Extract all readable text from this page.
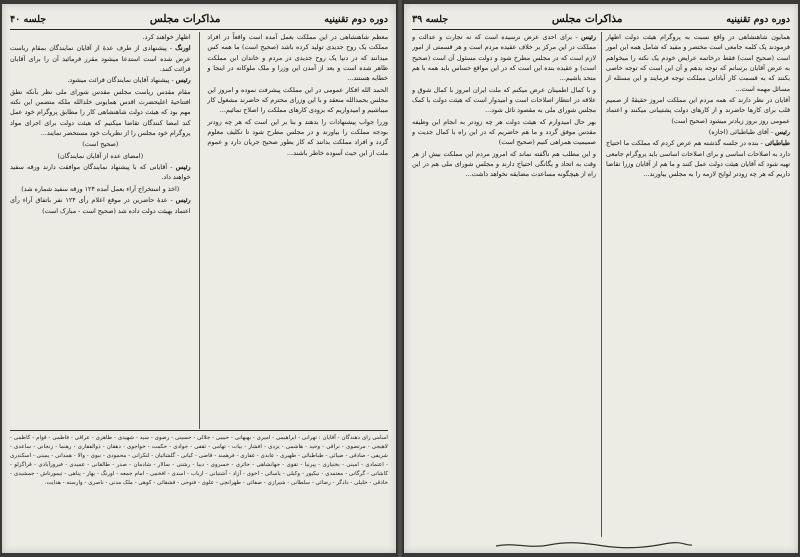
دوره دوم تقنینیه
مذاکرات مجلس
جلسه ۴۰

معظم شاهنشاهی در این مملکت بعمل آمده است واقعاً در افراد مملکت یک روح جدیدی تولید کرده باشد (صحیح است) ما همه کس میدانند که در دنیا یک روح جدیدی در مردم و خاندان این مملکت ظاهر شده است و بعد از آمدن این وزرا و ملک ملوکانه در اینجا و خطابه هستند...

الحمد الله افکار عمومی در این مملکت پیشرفت نموده و امروز این مجلس بحمدالله منعقد و با این وزرای محترم که حاضرند مشغول کار میباشیم و امیدواریم که بزودی کارهای مملکت را اصلاح نمائیم...

وزرا جواب پیشنهادات را بدهند و بنا بر این است که هر چه زودتر بودجه مملکت را بیاورند و در مجلس مطرح شود تا تکلیف معلوم گردد و افراد مملکت بدانند که کار بطور صحیح جریان دارد و عموم ملت از این حیث آسوده خاطر باشند...

اظهار خواهند کرد.

اورنگ - پیشنهادی از طرف عدهٔ از آقایان نمایندگان بمقام ریاست عرض شده است استدعا میشود مقرر فرمائید آن را برای آقایان قرائت کنند.

رئیس - پیشنهاد آقایان نمایندگان قرائت میشود.

مقام مقدس ریاست مجلس مقدس شورای ملی نظر بآنکه نطق افتتاحیهٔ اعلیحضرت اقدس همایونی خلدالله ملکه متضمن این نکته مهم بود که هیئت دولت شاهنشاهی کار را مطابق پروگرام خود عمل کند امضا کنندگان تقاضا میکنیم که هیئت دولت برای اجرای مواد پروگرام خود مجلس را از نظریات خود مستحضر نمایند...

(صحیح است)

(امضای عده از آقایان نمایندگان)

رئیس - آقایانی که با پیشنهاد نمایندگان موافقت دارند ورقه سفید خواهند داد.

(اخذ و استخراج آراء بعمل آمده ۱۲۴ ورقه سفید شماره شد)

رئیس - عدهٔ حاضرین در موقع اعلام رأی ۱۲۴ نفر باتفاق آراء رأی اعتماد بهیئت دولت داده شد (صحیح است - مبارک است)

اسامی رای دهندگان - آقایان : تهرانی - ابراهیمی - امیری - بهبهانی - حبیبی - جلالی - حسینی - رضوی - سید - شهیدی - طاهری - عراقی - فاطمی - قوام - کاظمی - لاهیجی - مرتضوی - نراقی - وحید - هاشمی - یزدی - افشار - بیات - تهامی - ثقفی - جوادی - حکمت - خواجوی - دهقان - ذوالفقاری - رهنما - زنجانی - ساعدی - شریفی - صادقی - ضیائی - طباطبائی - ظهیری - عابدی - غفاری - فرهمند - قاضی - کیانی - گلشائیان - لنکرانی - محمودی - نبوی - والا - همدانی - یمینی - اسکندری - اعتمادی - امینی - بختیاری - پیرنیا - تقوی - جهانشاهی - حائری - خسروی - دیبا - رشتی - سالار - شادمان - صدر - طالقانی - عمیدی - فیروزآبادی - قراگزلو - کاشانی - گرگانی - معتمدی - نیکپور - وکیلی - یاسائی - اخوی - آزاد - آشتیانی - ارباب - اسدی - افخمی - امام جمعه - اورنگ - بهار - پناهی - تیمورتاش - جمشیدی - حاذقی - خلیلی - دادگر - رضائی - سلطانی - شیرازی - صفائی - طهرانچی - علوی - فتوحی - قشقائی - کوهی - ملک مدنی - ناصری - وارسته - هدایت.
دوره دوم تقنینیه
مذاکرات مجلس
جلسه ۳۹

همایون شاهنشاهی در واقع نسبت به پروگرام هیئت دولت اظهار فرمودند یک کلمه جامعی است مختصر و مفید که شامل همه این امور است (صحیح است) فقط درخاتمه عرایض خودم یک نکته را میخواهم به عرض آقایان برسانم که توجه بدهم و آن این است که توجه خاصی بکنند که به قسمت کار آبادانی مملکت توجه فرمایند و این مسئله از مسائل مهمه است...

آقایان در نظر دارند که همه مردم این مملکت امروز حقیقهً از صمیم قلب برای کارها حاضرند و از کارهای دولت پشتیبانی میکنند و اعتماد عمومی روز بروز زیادتر میشود (صحیح است)

رئیس - آقای طباطبائی (اجازه)

طباطبائی - بنده در جلسه گذشته هم عرض کردم که مملکت ما احتیاج دارد به اصلاحات اساسی و برای اصلاحات اساسی باید پروگرام جامعی تهیه شود که آقایان هیئت دولت عمل کنند و ما هم از آقایان وزرا تقاضا داریم که هر چه زودتر لوایح لازمه را به مجلس بیاورند...

رئیس - برای احدی عرض نرسیده است که نه تجارت و عدالت و مملکت در این مرکز بر خلاف عقیده مردم است و هر قسمتی از امور لازم است که در مجلس مطرح شود و دولت مسئول آن است (صحیح است) و عقیده بنده این است که در این مواقع حساس باید همه با هم متحد باشیم...

و با کمال اطمینان عرض میکنم که ملت ایران امروز با کمال شوق و علاقه در انتظار اصلاحات است و امیدوار است که هیئت دولت با کمک مجلس شورای ملی به مقصود نائل شود...

بهر حال امیدوارم که هیئت دولت هر چه زودتر به انجام این وظیفه مقدس موفق گردد و ما هم حاضریم که در این راه با کمال جدیت و صمیمیت همراهی کنیم (صحیح است)

و این مطلب هم ناگفته نماند که امروز مردم این مملکت بیش از هر وقت به اتحاد و یگانگی احتیاج دارند و مجلس شورای ملی هم در این راه از هیچگونه مساعدت مضایقه نخواهد داشت...
